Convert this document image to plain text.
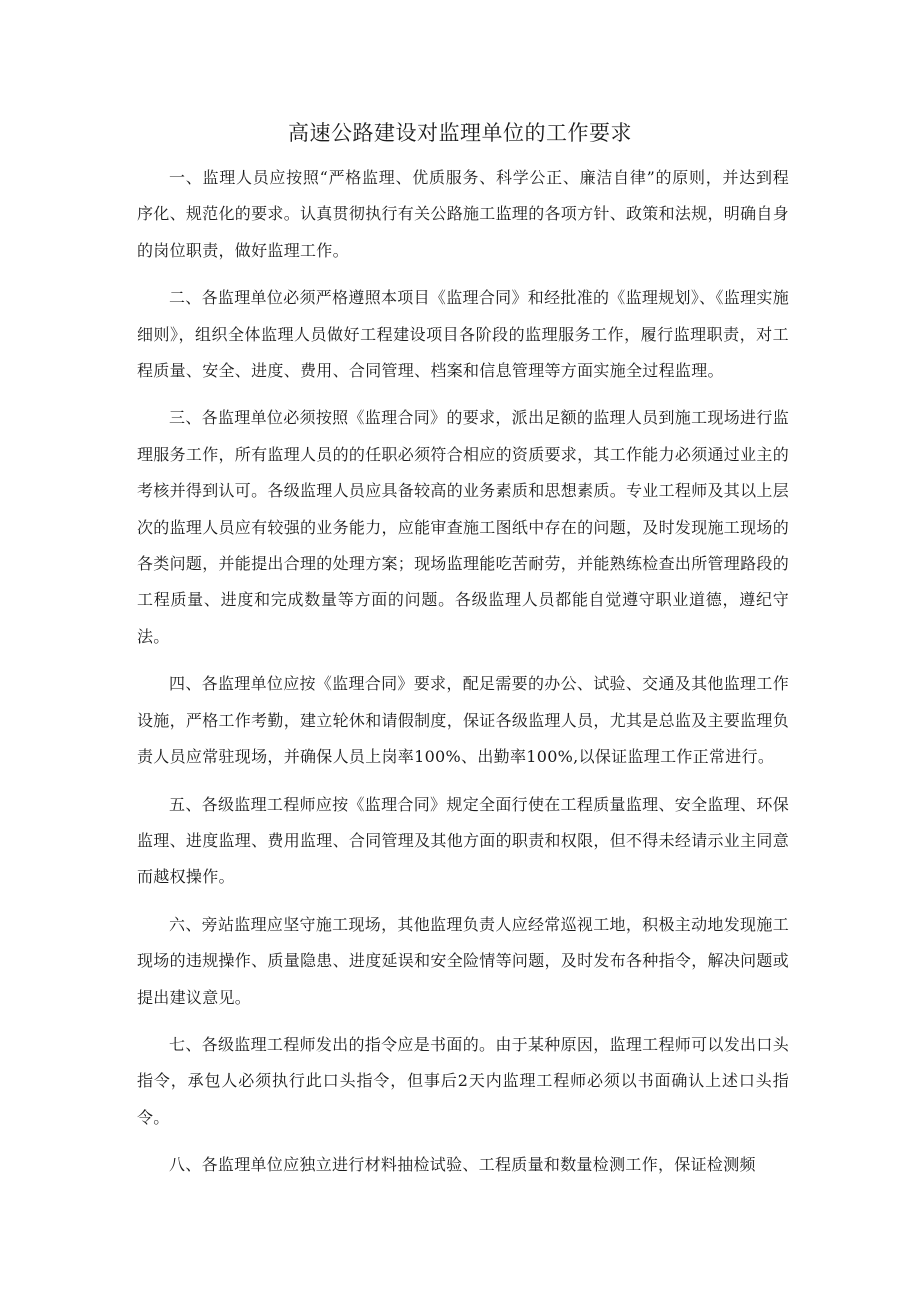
高速公路建设对监理单位的工作要求

一、监理人员应按照“严格监理、优质服务、科学公正、廉洁自律”的原则，并达到程序化、规范化的要求。认真贯彻执行有关公路施工监理的各项方针、政策和法规，明确自身的岗位职责，做好监理工作。

二、各监理单位必须严格遵照本项目《监理合同》和经批准的《监理规划》、《监理实施细则》，组织全体监理人员做好工程建设项目各阶段的监理服务工作，履行监理职责，对工程质量、安全、进度、费用、合同管理、档案和信息管理等方面实施全过程监理。

三、各监理单位必须按照《监理合同》的要求，派出足额的监理人员到施工现场进行监理服务工作，所有监理人员的的任职必须符合相应的资质要求，其工作能力必须通过业主的考核并得到认可。各级监理人员应具备较高的业务素质和思想素质。专业工程师及其以上层次的监理人员应有较强的业务能力，应能审查施工图纸中存在的问题，及时发现施工现场的各类问题，并能提出合理的处理方案；现场监理能吃苦耐劳，并能熟练检查出所管理路段的工程质量、进度和完成数量等方面的问题。各级监理人员都能自觉遵守职业道德，遵纪守法。

四、各监理单位应按《监理合同》要求，配足需要的办公、试验、交通及其他监理工作设施，严格工作考勤，建立轮休和请假制度，保证各级监理人员，尤其是总监及主要监理负责人员应常驻现场，并确保人员上岗率100%、出勤率100%,以保证监理工作正常进行。

五、各级监理工程师应按《监理合同》规定全面行使在工程质量监理、安全监理、环保监理、进度监理、费用监理、合同管理及其他方面的职责和权限，但不得未经请示业主同意而越权操作。

六、旁站监理应坚守施工现场，其他监理负责人应经常巡视工地，积极主动地发现施工现场的违规操作、质量隐患、进度延误和安全险情等问题，及时发布各种指令，解决问题或提出建议意见。

七、各级监理工程师发出的指令应是书面的。由于某种原因，监理工程师可以发出口头指令，承包人必须执行此口头指令，但事后2天内监理工程师必须以书面确认上述口头指令。

八、各监理单位应独立进行材料抽检试验、工程质量和数量检测工作，保证检测频
